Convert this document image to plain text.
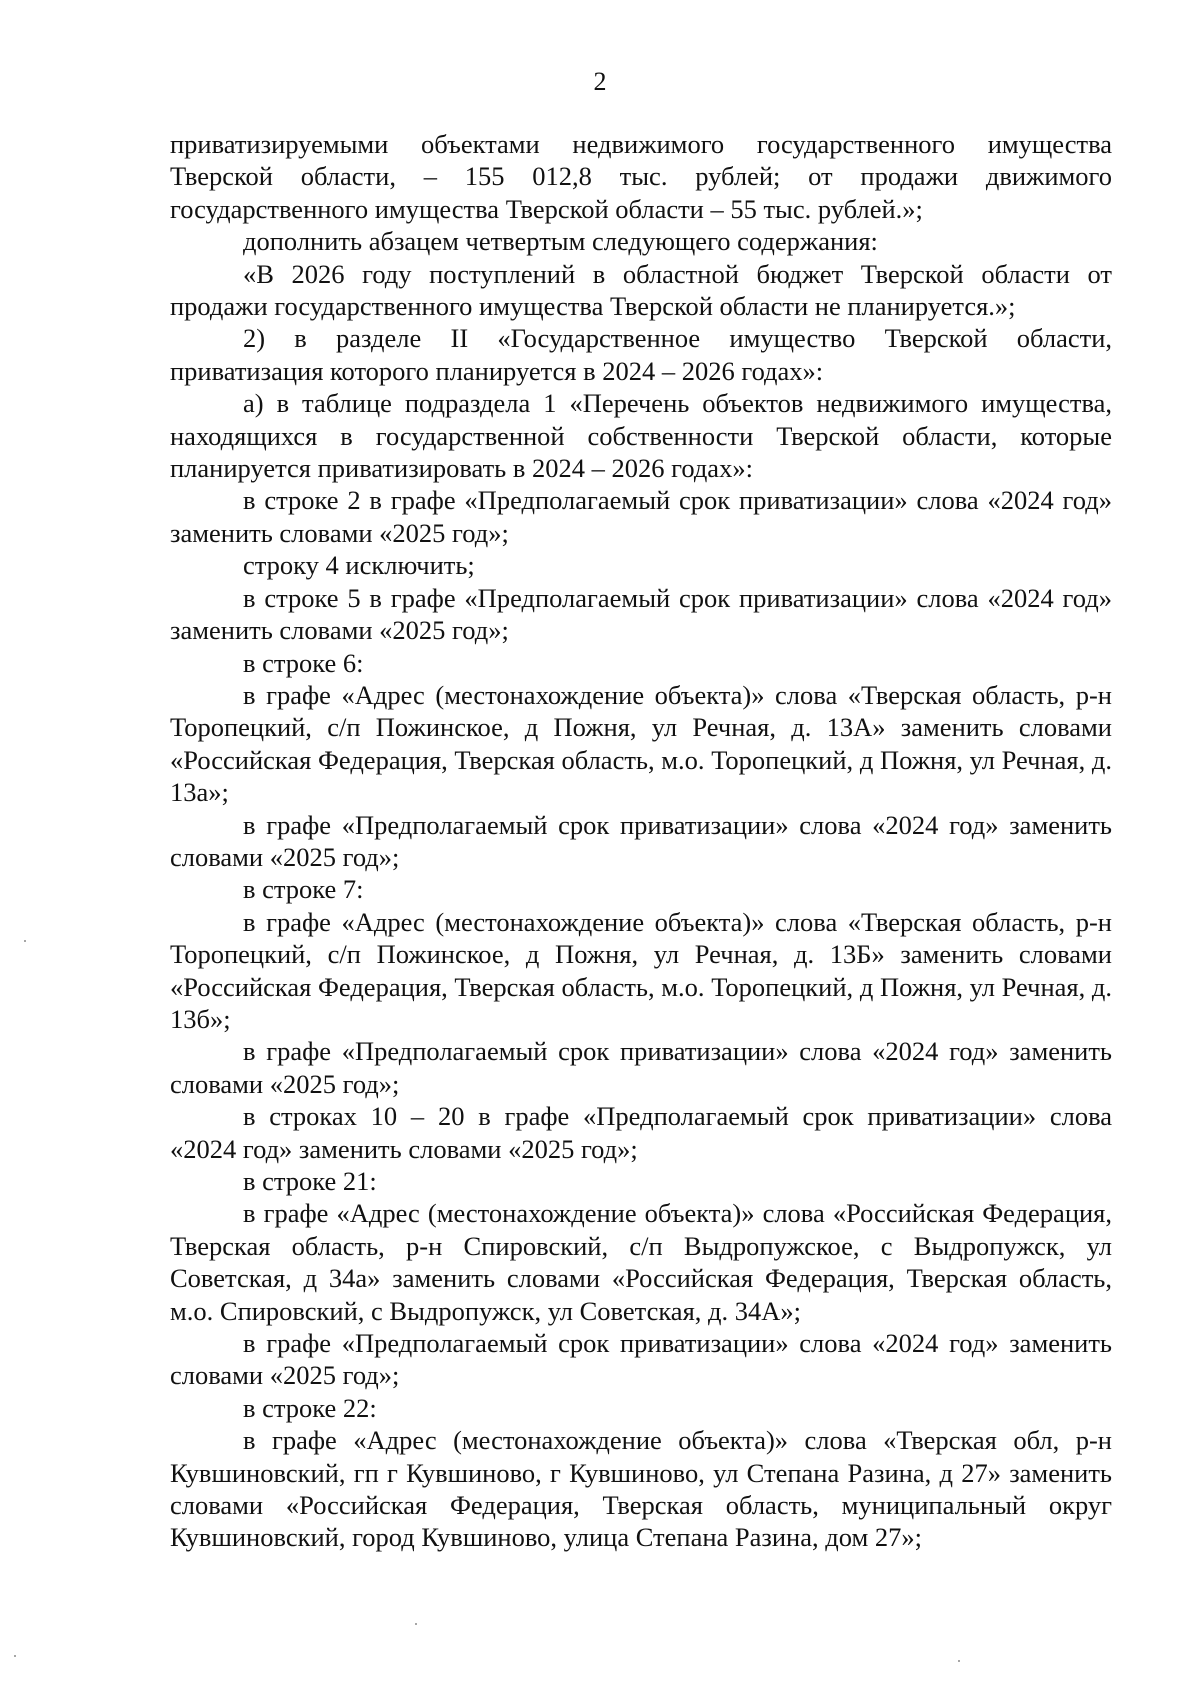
2

приватизируемыми объектами недвижимого государственного имущества Тверской области, – 155 012,8 тыс. рублей; от продажи движимого государственного имущества Тверской области – 55 тыс. рублей.»;

дополнить абзацем четвертым следующего содержания:

«В 2026 году поступлений в областной бюджет Тверской области от продажи государственного имущества Тверской области не планируется.»;

2) в разделе II «Государственное имущество Тверской области, приватизация которого планируется в 2024 – 2026 годах»:

а) в таблице подраздела 1 «Перечень объектов недвижимого имущества, находящихся в государственной собственности Тверской области, которые планируется приватизировать в 2024 – 2026 годах»:

в строке 2 в графе «Предполагаемый срок приватизации» слова «2024 год» заменить словами «2025 год»;

строку 4 исключить;

в строке 5 в графе «Предполагаемый срок приватизации» слова «2024 год» заменить словами «2025 год»;

в строке 6:

в графе «Адрес (местонахождение объекта)» слова «Тверская область, р-н Торопецкий, с/п Пожинское, д Пожня, ул Речная, д. 13А» заменить словами «Российская Федерация, Тверская область, м.о. Торопецкий, д Пожня, ул Речная, д. 13а»;

в графе «Предполагаемый срок приватизации» слова «2024 год» заменить словами «2025 год»;

в строке 7:

в графе «Адрес (местонахождение объекта)» слова «Тверская область, р-н Торопецкий, с/п Пожинское, д Пожня, ул Речная, д. 13Б» заменить словами «Российская Федерация, Тверская область, м.о. Торопецкий, д Пожня, ул Речная, д. 13б»;

в графе «Предполагаемый срок приватизации» слова «2024 год» заменить словами «2025 год»;

в строках 10 – 20 в графе «Предполагаемый срок приватизации» слова «2024 год» заменить словами «2025 год»;

в строке 21:

в графе «Адрес (местонахождение объекта)» слова «Российская Федерация, Тверская область, р-н Спировский, с/п Выдропужское, с Выдропужск, ул Советская, д 34а» заменить словами «Российская Федерация, Тверская область, м.о. Спировский, с Выдропужск, ул Советская, д. 34А»;

в графе «Предполагаемый срок приватизации» слова «2024 год» заменить словами «2025 год»;

в строке 22:

в графе «Адрес (местонахождение объекта)» слова «Тверская обл, р-н Кувшиновский, гп г Кувшиново, г Кувшиново, ул Степана Разина, д 27» заменить словами «Российская Федерация, Тверская область, муниципальный округ Кувшиновский, город Кувшиново, улица Степана Разина, дом 27»;
